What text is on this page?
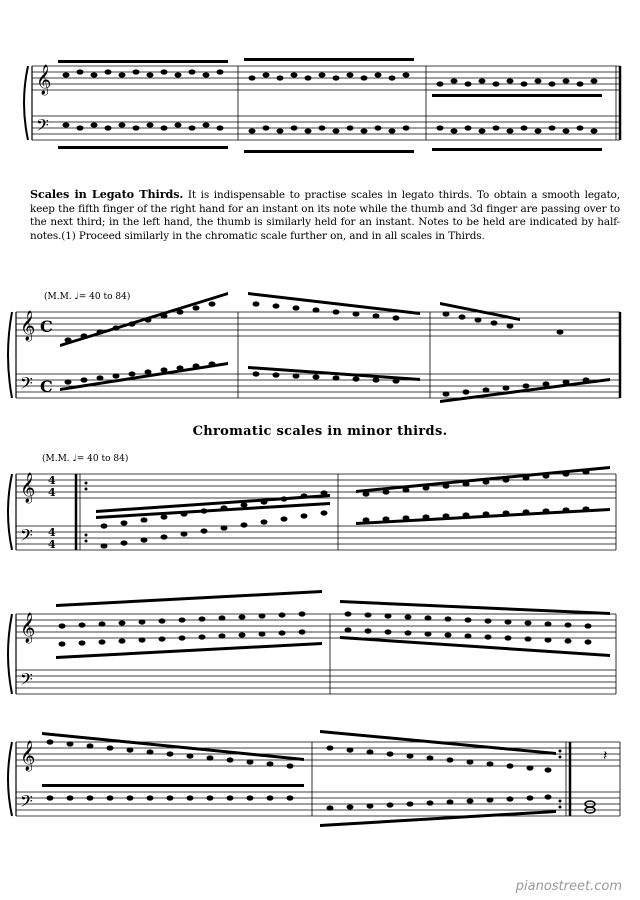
𝄞
𝄢
Scales in Legato Thirds. It is indispensable to practise scales in legato thirds. To obtain a smooth legato, keep the fifth finger of the right hand for an instant on its note while the thumb and 3d finger are passing over to the next third; in the left hand, the thumb is similarly held for an instant. Notes to be held are indicated by half-notes.(1) Proceed similarly in the chromatic scale further on, and in all scales in Thirds.
(M.M. ♩= 40 to 84)
𝄞
𝄢
C
C
Chromatic scales in minor thirds.
(M.M. ♩= 40 to 84)
𝄞
𝄢
4
4
4
4
𝄞
𝄢
𝄞
𝄢
𝄽
pianostreet.com
